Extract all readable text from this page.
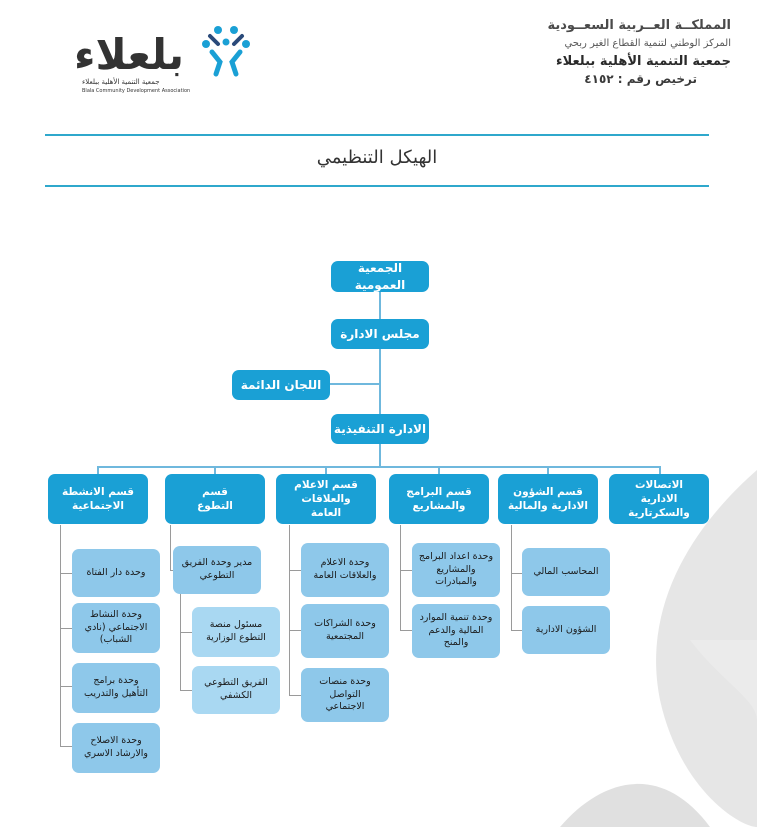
المملكــة العــربية السعــودية
المركز الوطني لتنمية القطاع الغير ربحي
جمعية التنمية الأهلية ببلعلاء
ترخيص رقم : ٤١٥٢
بلعلاء
جمعية التنمية الأهلية ببلعلاء
Blala Community Development Association
الهيكل التنظيمي
الجمعية العمومية
مجلس الادارة
اللجان الدائمة
الادارة التنفيذية
الاتصالات الادارية والسكرتارية
قسم الشؤون الادارية والمالية
قسم البرامج والمشاريع
قسم الاعلام والعلاقات العامة
قسم التطوع
قسم الانشطة الاجتماعية
المحاسب المالي
الشؤون الادارية
وحدة اعداد البرامج والمشاريع والمبادرات
وحدة تنمية الموارد المالية والدعم والمنح
وحدة الاعلام والعلاقات العامة
وحدة الشراكات المجتمعية
وحدة منصات التواصل الاجتماعي
مدير وحدة الفريق التطوعي
مسئول منصة التطوع الوزارية
الفريق التطوعي الكشفي
وحدة دار الفتاة
وحدة النشاط الاجتماعي (نادي الشباب)
وحدة برامج التأهيل والتدريب
وحدة الاصلاح والارشاد الاسري
